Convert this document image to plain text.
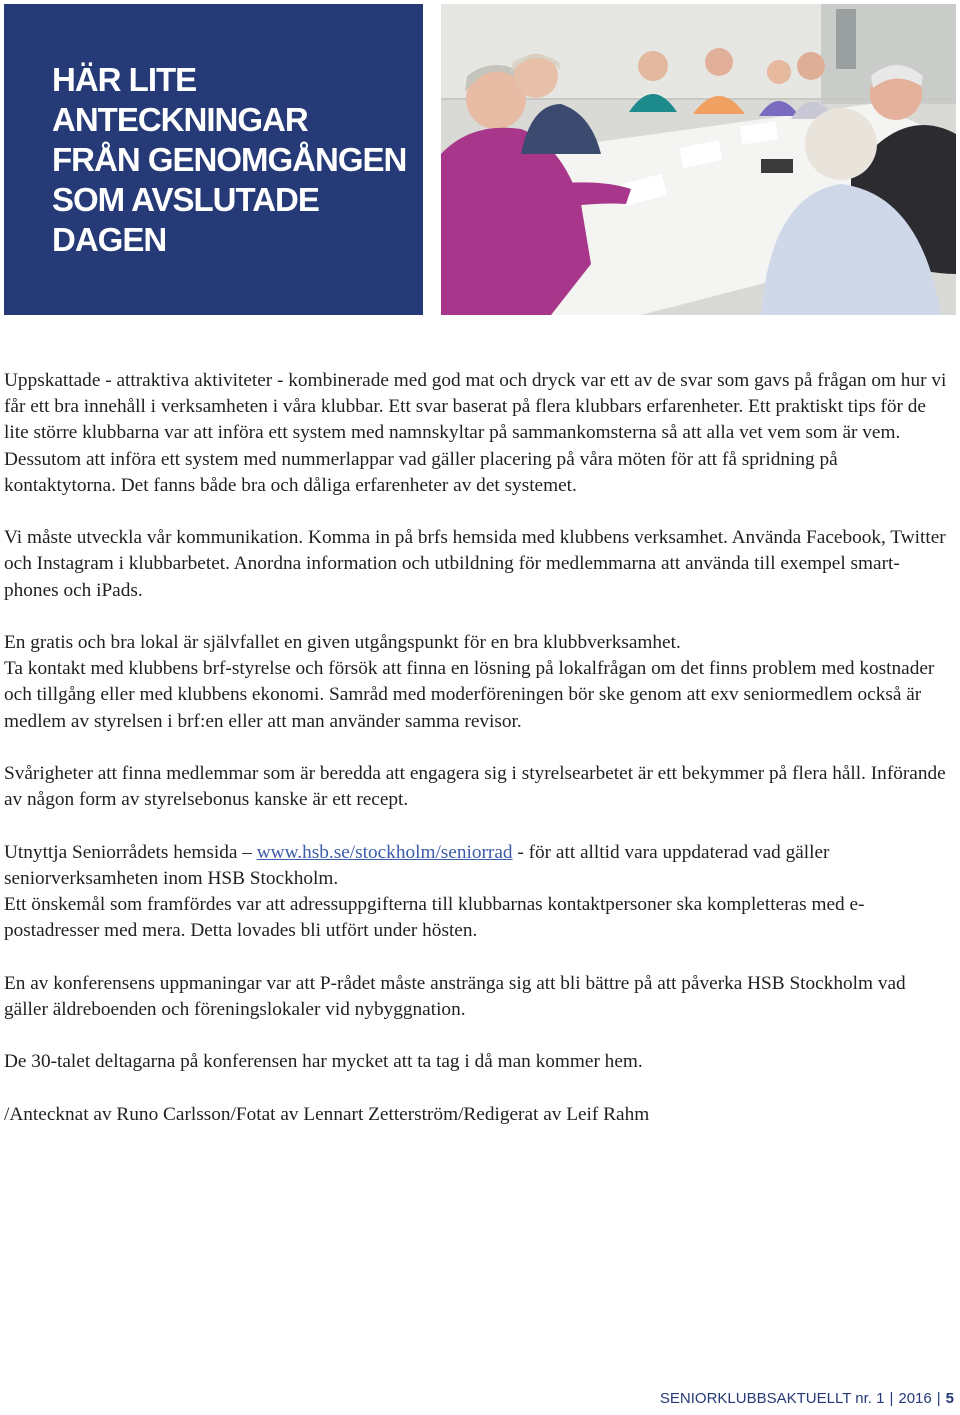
HÄR LITE
ANTECKNINGAR
FRÅN GENOMGÅNGEN
SOM AVSLUTADE
DAGEN

Uppskattade - attraktiva aktiviteter - kombinerade med god mat och dryck var ett av de svar som gavs på frågan om hur vi får ett bra innehåll i verksamheten i våra klubbar. Ett svar baserat på flera klubbars erfarenheter. Ett praktiskt tips för de lite större klubbarna var att införa ett system med namnskyltar på sammankomsterna så att alla vet vem som är vem. Dessutom att införa ett system med nummerlappar vad gäller placering på våra möten för att få spridning på kontaktytorna. Det fanns både bra och dåliga erfarenheter av det systemet.

Vi måste utveckla vår kommunikation. Komma in på brfs hemsida med klubbens verksamhet. Använda Facebook, Twitter och Instagram i klubbarbetet. Anordna information och utbildning för medlemmarna att använda till exempel smart-phones och iPads.

En gratis och bra lokal är självfallet en given utgångspunkt för en bra klubbverksamhet.
Ta kontakt med klubbens brf-styrelse och försök att finna en lösning på lokalfrågan om det finns problem med kostnader och tillgång eller med klubbens ekonomi. Samråd med moderföreningen bör ske genom att exv seniormedlem också är medlem av styrelsen i brf:en eller att man använder samma revisor.

Svårigheter att finna medlemmar som är beredda att engagera sig i styrelsearbetet är ett bekymmer på flera håll. Införande av någon form av styrelsebonus kanske är ett recept.

Utnyttja Seniorrådets hemsida – www.hsb.se/stockholm/seniorrad - för att alltid vara uppdaterad vad gäller seniorverksamheten inom HSB Stockholm.
Ett önskemål som framfördes var att adressuppgifterna till klubbarnas kontaktpersoner ska kompletteras med e-postadresser med mera. Detta lovades bli utfört under hösten.

En av konferensens uppmaningar var att P-rådet måste anstränga sig att bli bättre på att påverka HSB Stockholm vad gäller äldreboenden och föreningslokaler vid nybyggnation.

De 30-talet deltagarna på konferensen har mycket att ta tag i då man kommer hem.

/Antecknat av Runo Carlsson/Fotat av Lennart Zetterström/Redigerat av Leif Rahm

SENIORKLUBBSAKTUELLT nr. 1 | 2016 | 5
